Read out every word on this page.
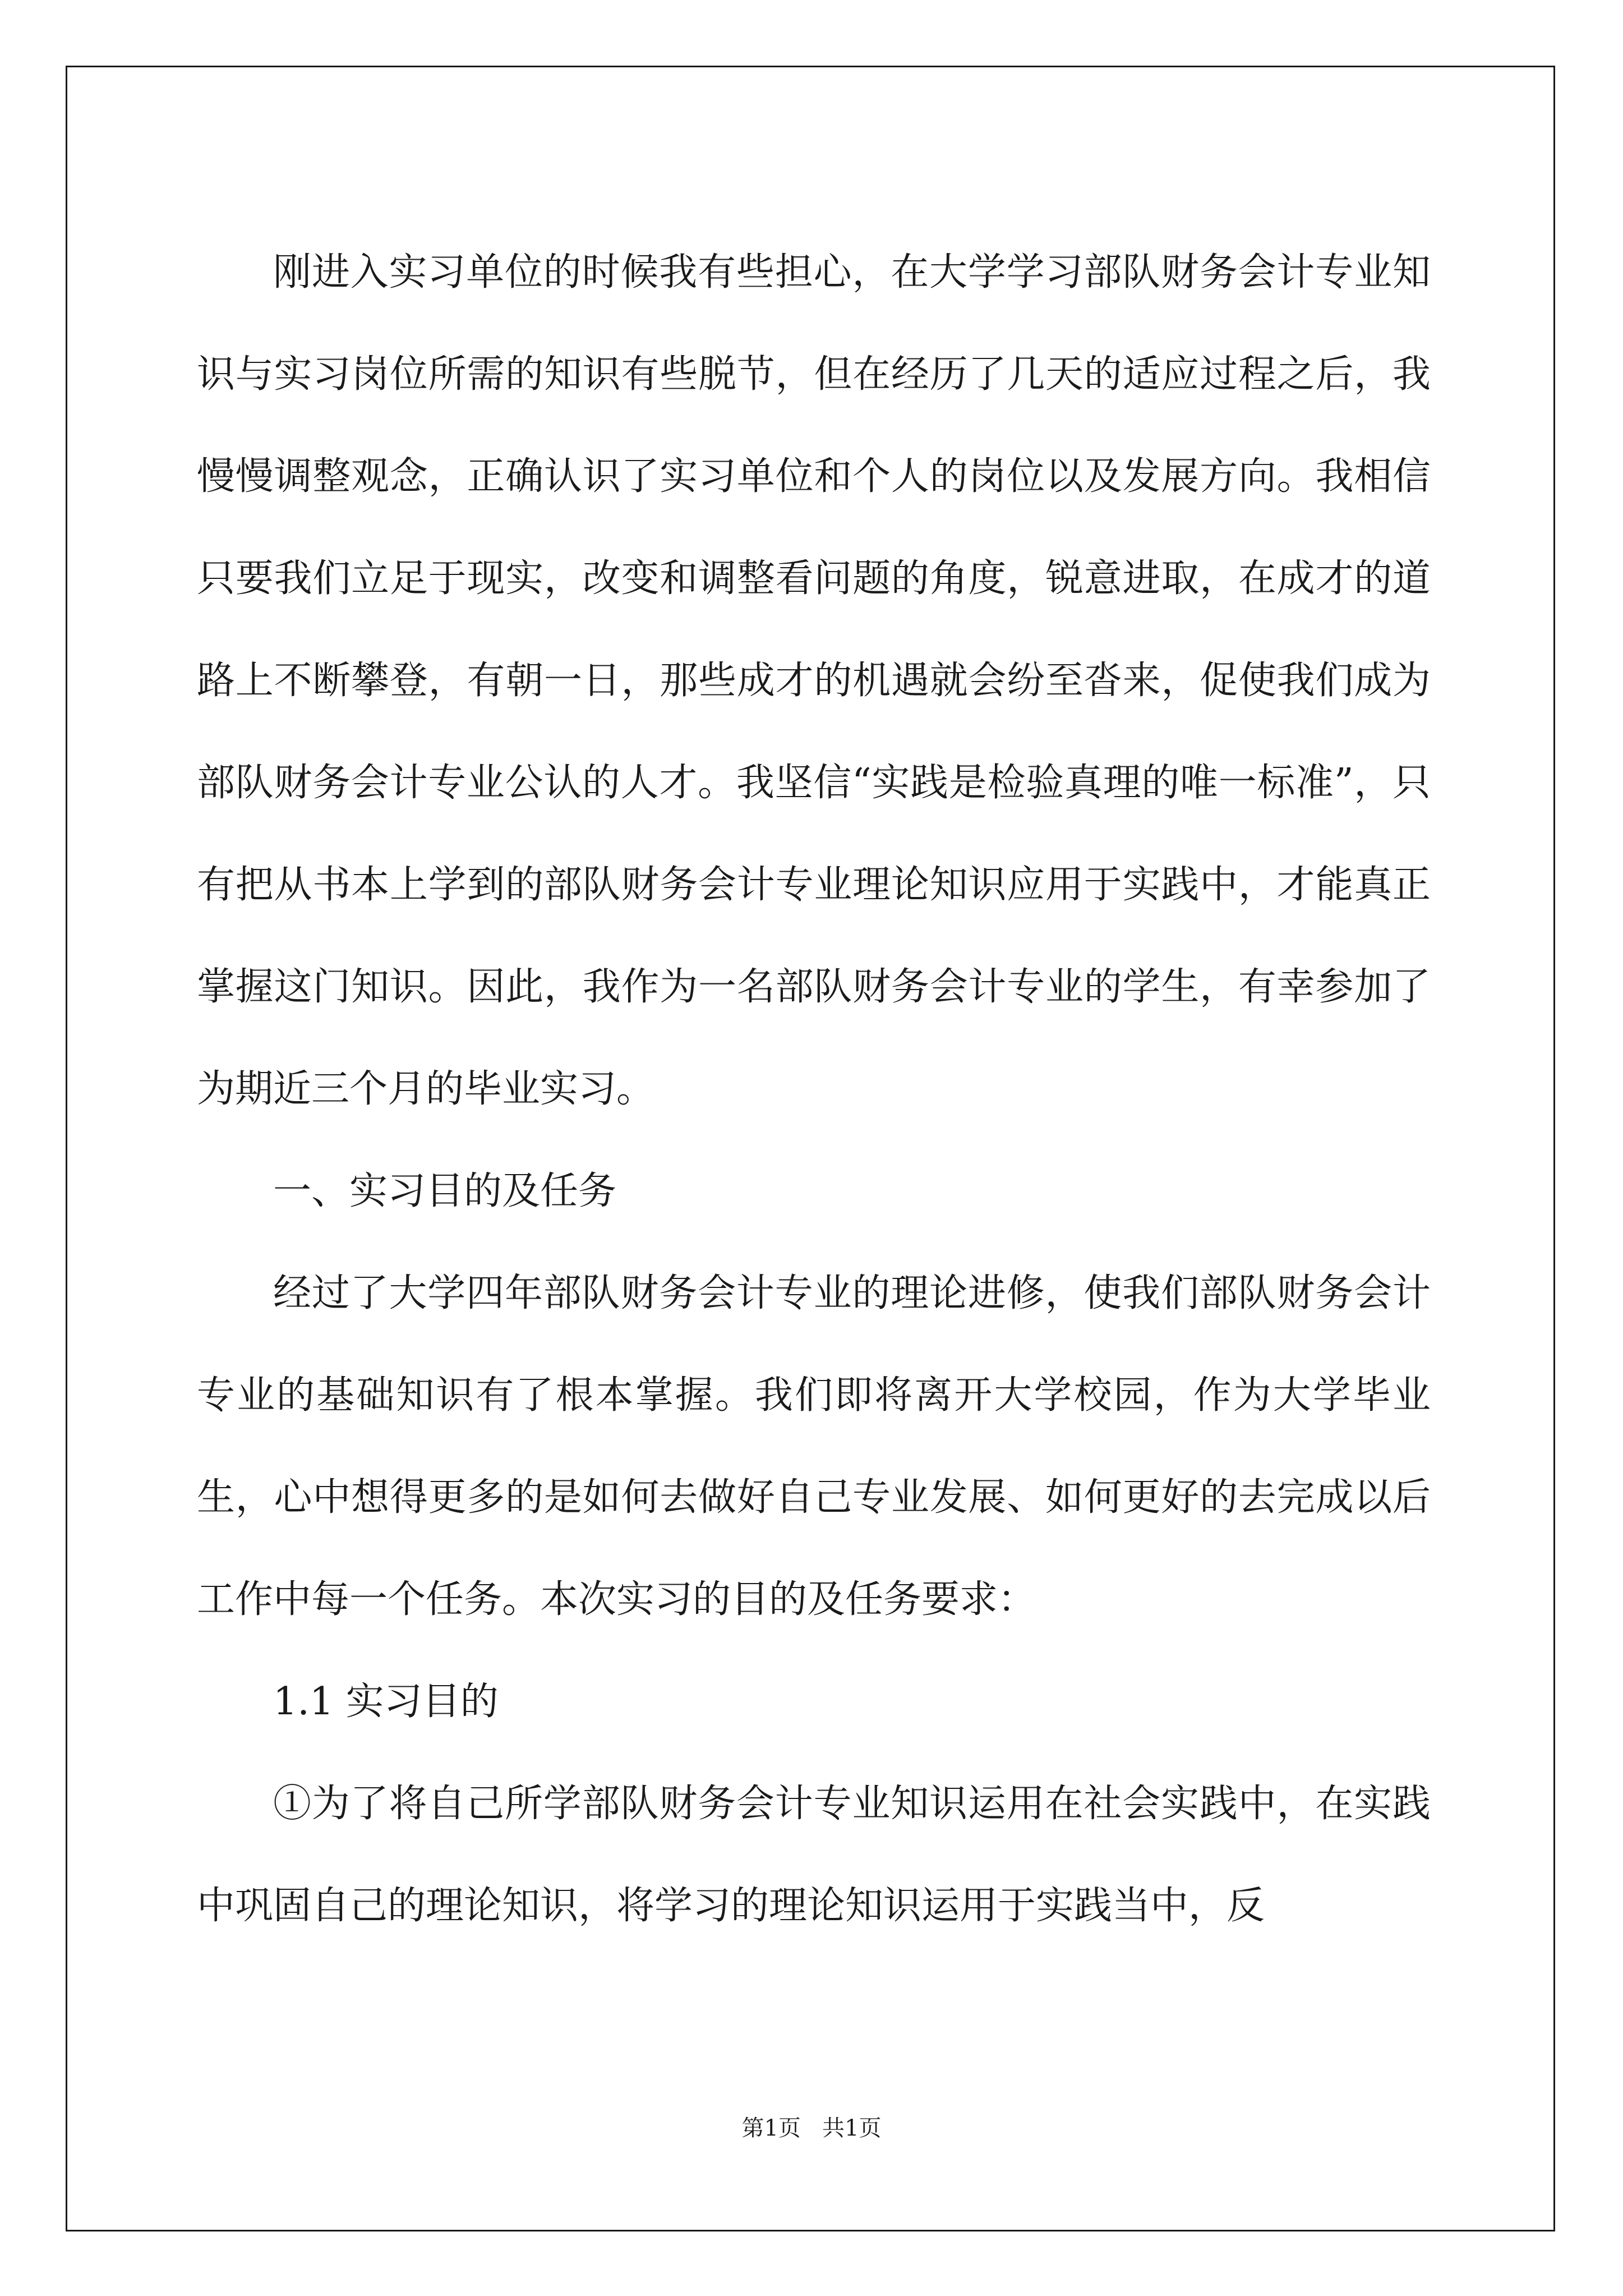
刚进入实习单位的时候我有些担心，在大学学习部队财务会计专业知识与实习岗位所需的知识有些脱节，但在经历了几天的适应过程之后，我慢慢调整观念，正确认识了实习单位和个人的岗位以及发展方向。我相信只要我们立足于现实，改变和调整看问题的角度，锐意进取，在成才的道路上不断攀登，有朝一日，那些成才的机遇就会纷至沓来，促使我们成为部队财务会计专业公认的人才。我坚信“实践是检验真理的唯一标准”，只有把从书本上学到的部队财务会计专业理论知识应用于实践中，才能真正掌握这门知识。因此，我作为一名部队财务会计专业的学生，有幸参加了为期近三个月的毕业实习。

一、实习目的及任务

经过了大学四年部队财务会计专业的理论进修，使我们部队财务会计专业的基础知识有了根本掌握。我们即将离开大学校园，作为大学毕业生，心中想得更多的是如何去做好自己专业发展、如何更好的去完成以后工作中每一个任务。本次实习的目的及任务要求：

1.1 实习目的

①为了将自己所学部队财务会计专业知识运用在社会实践中，在实践中巩固自己的理论知识，将学习的理论知识运用于实践当中，反

第1页   共1页
